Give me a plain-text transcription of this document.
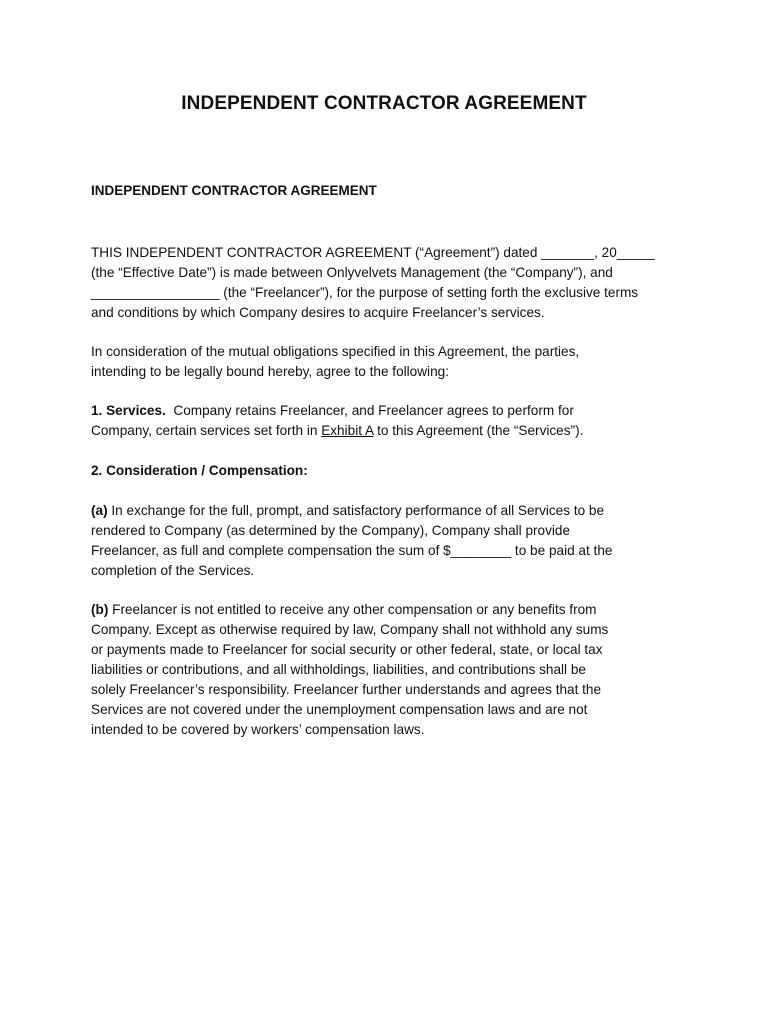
INDEPENDENT CONTRACTOR AGREEMENT
INDEPENDENT CONTRACTOR AGREEMENT
THIS INDEPENDENT CONTRACTOR AGREEMENT (“Agreement”) dated _______, 20_____
(the “Effective Date”) is made between Onlyvelvets Management (the “Company”), and
_________________ (the “Freelancer”), for the purpose of setting forth the exclusive terms
and conditions by which Company desires to acquire Freelancer’s services.
In consideration of the mutual obligations specified in this Agreement, the parties,
intending to be legally bound hereby, agree to the following:
1. Services. Company retains Freelancer, and Freelancer agrees to perform for
Company, certain services set forth in Exhibit A to this Agreement (the “Services”).
2. Consideration / Compensation:
(a) In exchange for the full, prompt, and satisfactory performance of all Services to be
rendered to Company (as determined by the Company), Company shall provide
Freelancer, as full and complete compensation the sum of $________ to be paid at the
completion of the Services.
(b) Freelancer is not entitled to receive any other compensation or any benefits from
Company. Except as otherwise required by law, Company shall not withhold any sums
or payments made to Freelancer for social security or other federal, state, or local tax
liabilities or contributions, and all withholdings, liabilities, and contributions shall be
solely Freelancer’s responsibility. Freelancer further understands and agrees that the
Services are not covered under the unemployment compensation laws and are not
intended to be covered by workers’ compensation laws.
